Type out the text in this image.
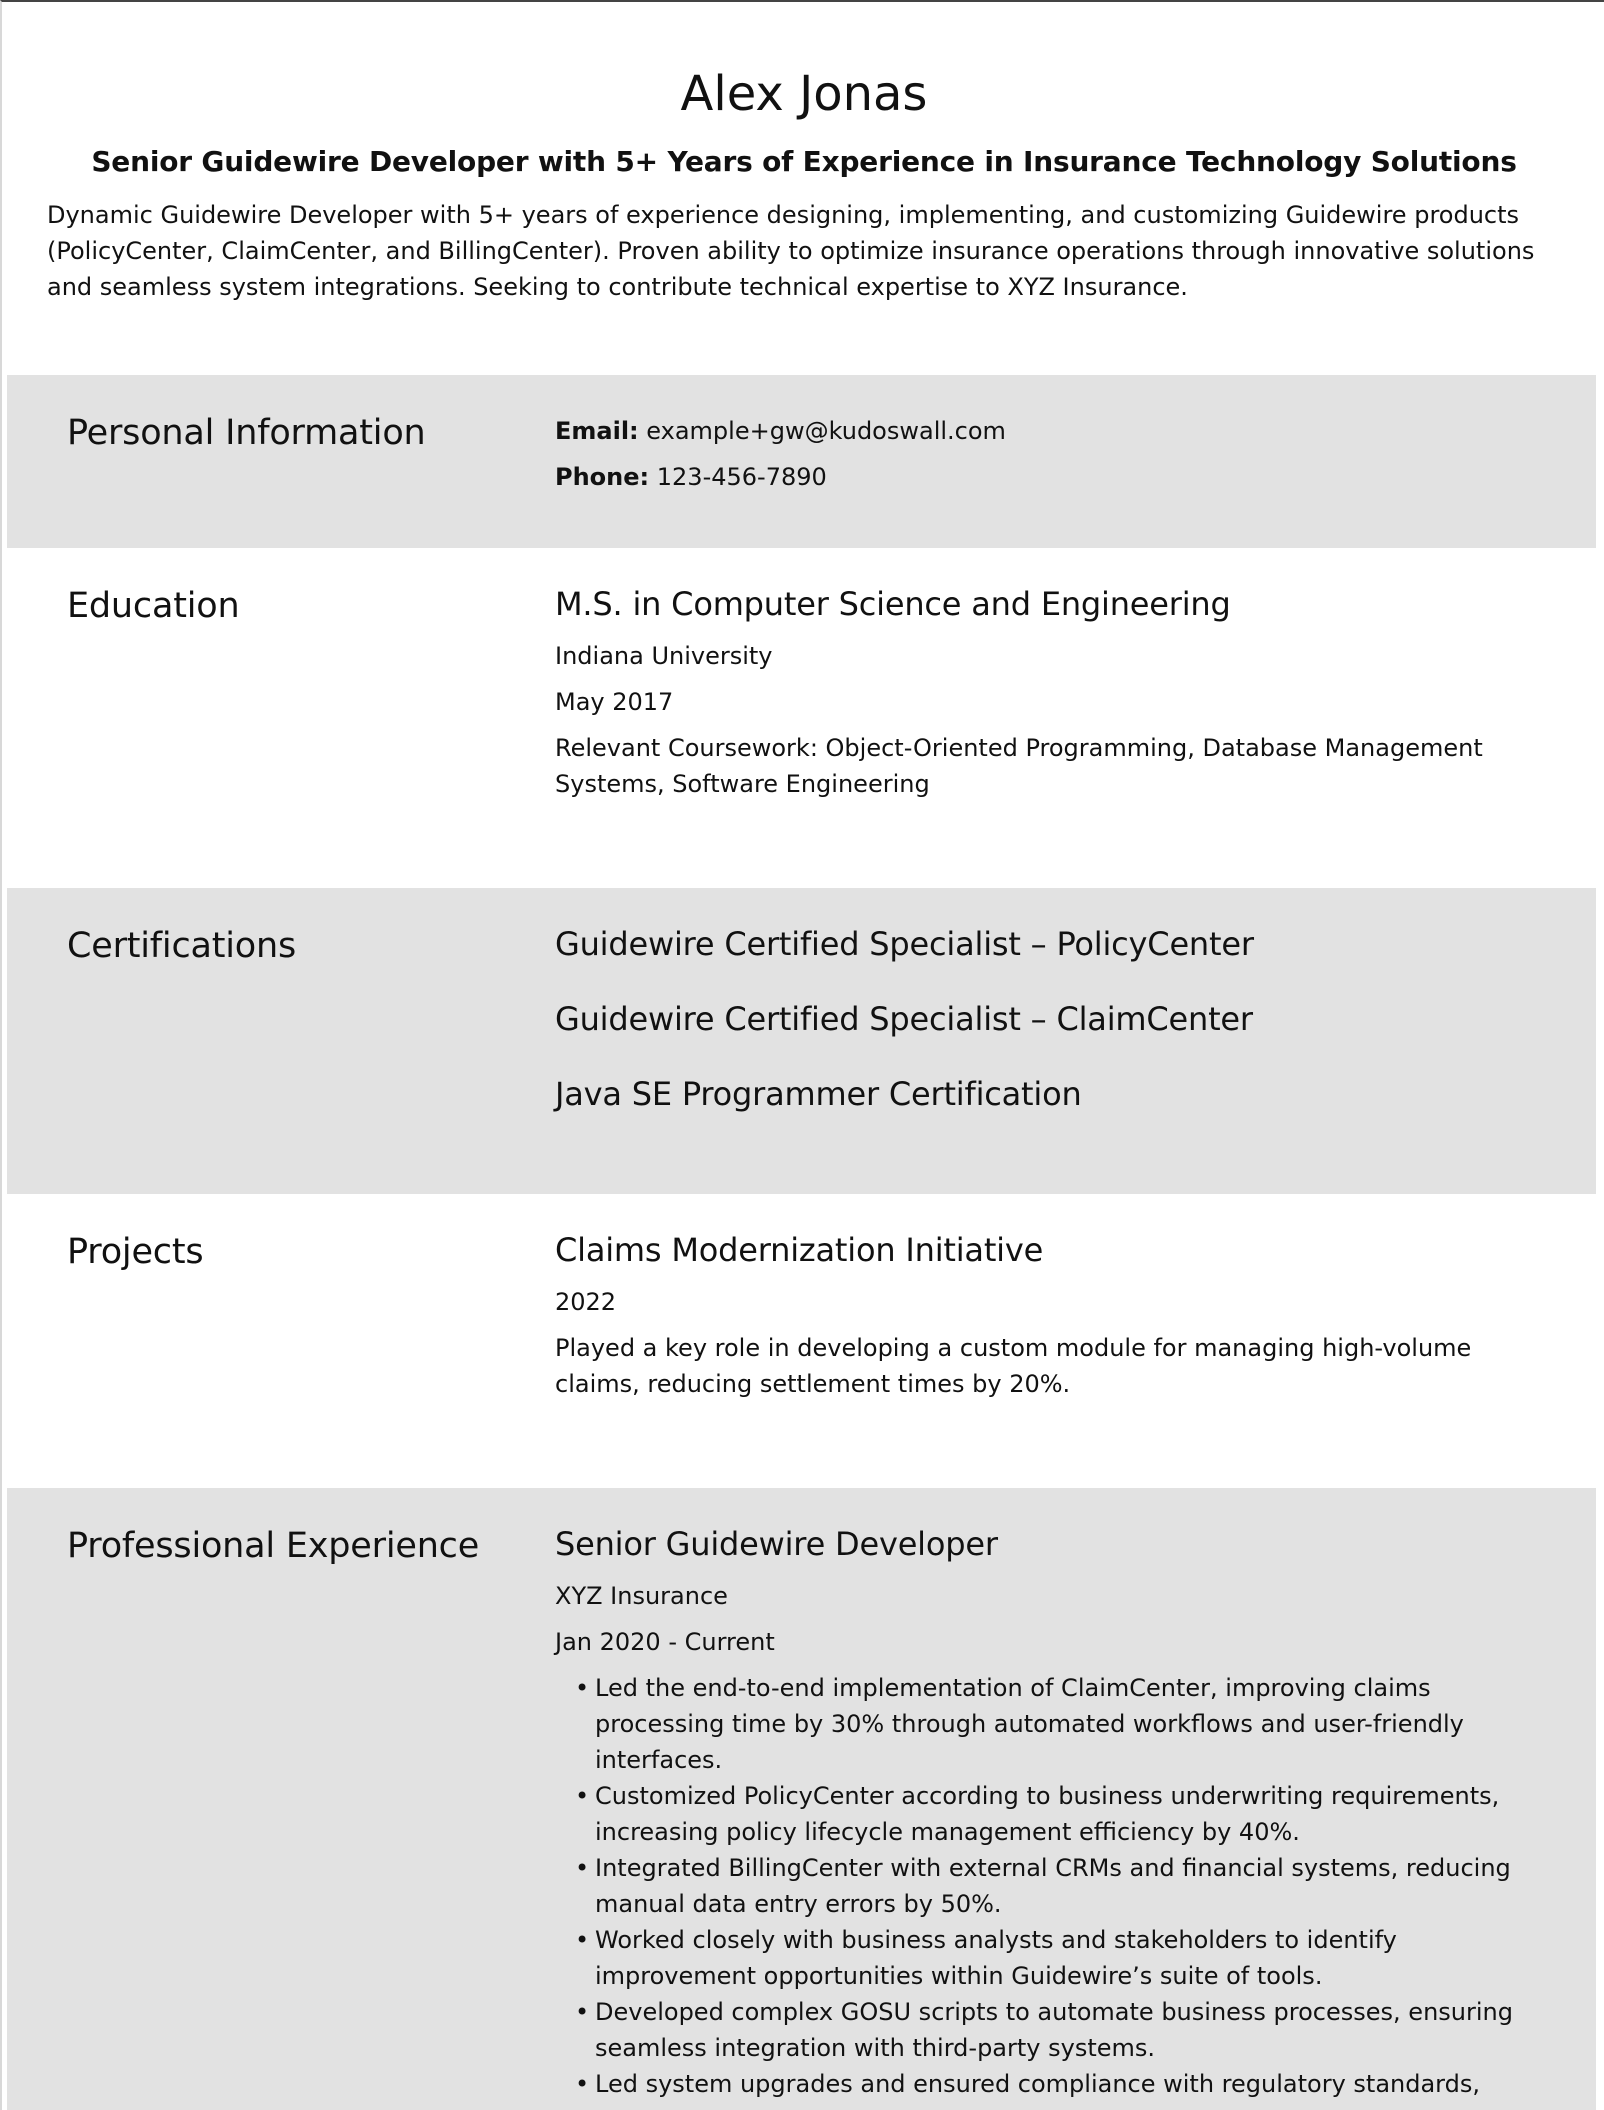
Alex Jonas
Senior Guidewire Developer with 5+ Years of Experience in Insurance Technology Solutions
Dynamic Guidewire Developer with 5+ years of experience designing, implementing, and customizing Guidewire products (PolicyCenter, ClaimCenter, and BillingCenter). Proven ability to optimize insurance operations through innovative solutions and seamless system integrations. Seeking to contribute technical expertise to XYZ Insurance.
Personal Information	Email: example+gw@kudoswall.com

Phone: 123-456-7890

Education	M.S. in Computer Science and Engineering

Indiana University

May 2017

Relevant Coursework: Object-Oriented Programming, Database Management Systems, Software Engineering

Certifications	Guidewire Certified Specialist – PolicyCenter

Guidewire Certified Specialist – ClaimCenter

Java SE Programmer Certification

Projects	Claims Modernization Initiative

2022

Played a key role in developing a custom module for managing high-volume claims, reducing settlement times by 20%.

Professional Experience Senior Guidewire Developer

XYZ Insurance

Jan 2020 - Current

• Led the end-to-end implementation of ClaimCenter, improving claims processing time by 30% through automated workflows and user-friendly interfaces.
• Customized PolicyCenter according to business underwriting requirements, increasing policy lifecycle management efficiency by 40%.
• Integrated BillingCenter with external CRMs and financial systems, reducing manual data entry errors by 50%.
• Worked closely with business analysts and stakeholders to identify improvement opportunities within Guidewire’s suite of tools.
• Developed complex GOSU scripts to automate business processes, ensuring seamless integration with third-party systems.
• Led system upgrades and ensured compliance with regulatory standards,
